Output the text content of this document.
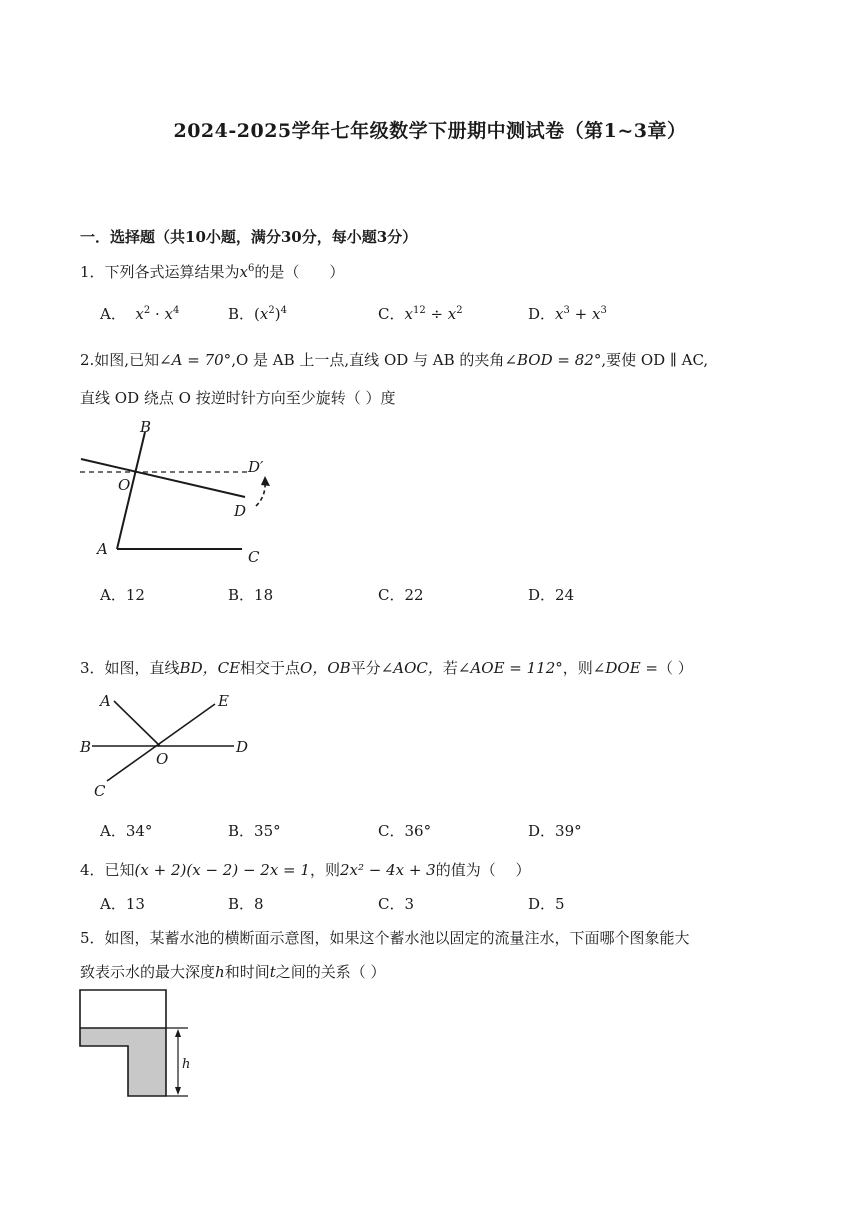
2024-2025学年七年级数学下册期中测试卷（第1~3章）
一．选择题（共10小题，满分30分，每小题3分）
1．下列各式运算结果为$x^6$的是（　　）
A． $x^2 \cdot x^4$	B．$(x^2)^4$	C．$x^{12} \div x^2$	D．$x^3 + x^3$
2.如图,已知∠A = 70°,O 是 AB 上一点,直线 OD 与 AB 的夹角∠BOD = 82°,要使 OD ∥ AC,
直线 OD 绕点 O 按逆时针方向至少旋转（ ）度
B
D′
O
D
A	C
A．12	B．18	C．22	D．24
3．如图，直线BD，CE相交于点O，OB平分∠AOC，若∠AOE = 112°，则∠DOE =（ ）
A	E
B
O
D
C
A．34°	B．35°	C．36°	D．39°
4．已知(x + 2)(x − 2) − 2x = 1，则2x² − 4x + 3的值为（　 ）
A．13	B．8	C．3	D．5
5．如图，某蓄水池的横断面示意图，如果这个蓄水池以固定的流量注水，下面哪个图象能大
致表示水的最大深度h和时间t之间的关系（ ）
h
